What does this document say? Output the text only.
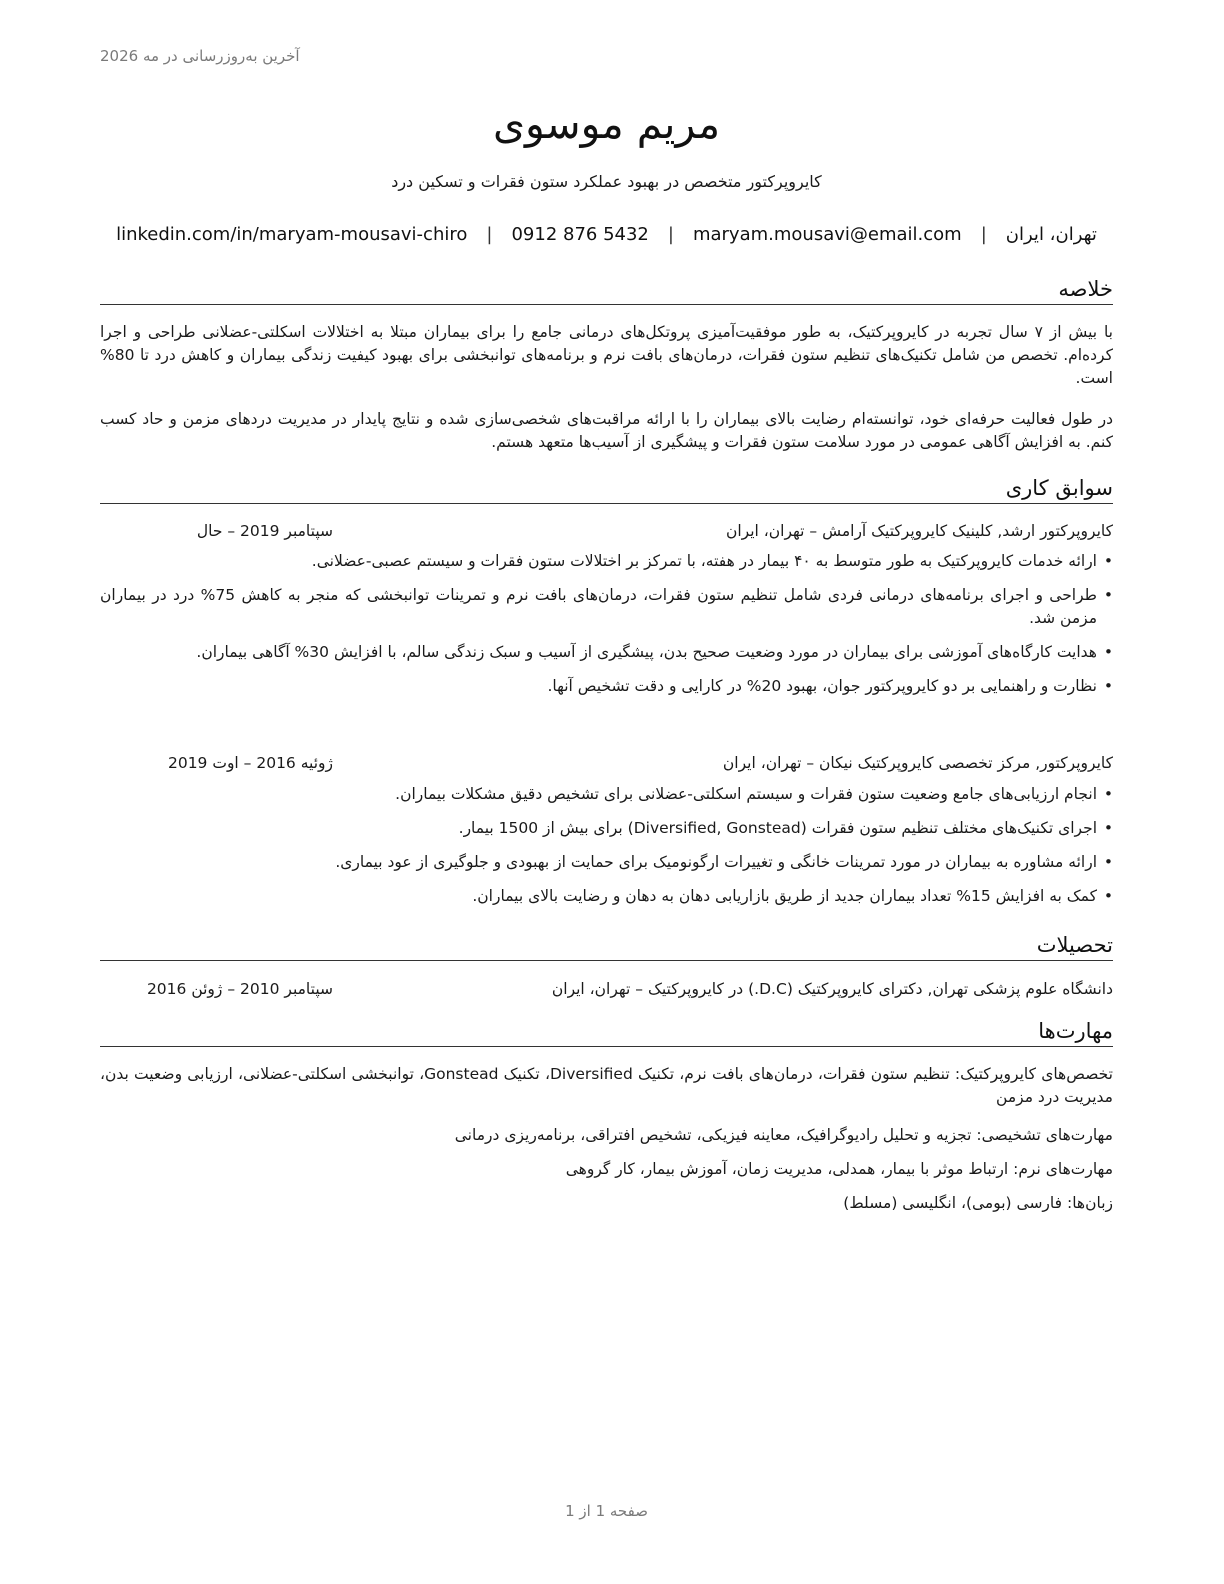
آخرین به‌روزرسانی در مه 2026
مریم موسوی
کایروپرکتور متخصص در بهبود عملکرد ستون فقرات و تسکین درد
تهران، ایران
|
maryam.mousavi@email.com
|
0912 876 5432
|
linkedin.com/in/maryam-mousavi-chiro
خلاصه
با بیش از ۷ سال تجربه در کایروپرکتیک، به طور موفقیت‌آمیزی پروتکل‌های درمانی جامع را برای بیماران مبتلا به اختلالات اسکلتی-عضلانی طراحی و اجرا کرده‌ام. تخصص من شامل تکنیک‌های تنظیم ستون فقرات، درمان‌های بافت نرم و برنامه‌های توانبخشی برای بهبود کیفیت زندگی بیماران و کاهش درد تا 80% است.
در طول فعالیت حرفه‌ای خود، توانسته‌ام رضایت بالای بیماران را با ارائه مراقبت‌های شخصی‌سازی شده و نتایج پایدار در مدیریت دردهای مزمن و حاد کسب کنم. به افزایش آگاهی عمومی در مورد سلامت ستون فقرات و پیشگیری از آسیب‌ها متعهد هستم.
سوابق کاری
کایروپرکتور ارشد, کلینیک کایروپرکتیک آرامش – تهران، ایران
سپتامبر 2019 – حال
• ارائه خدمات کایروپرکتیک به طور متوسط به ۴۰ بیمار در هفته، با تمرکز بر اختلالات ستون فقرات و سیستم عصبی-عضلانی.
• طراحی و اجرای برنامه‌های درمانی فردی شامل تنظیم ستون فقرات، درمان‌های بافت نرم و تمرینات توانبخشی که منجر به کاهش 75% درد در بیماران مزمن شد.
• هدایت کارگاه‌های آموزشی برای بیماران در مورد وضعیت صحیح بدن، پیشگیری از آسیب و سبک زندگی سالم، با افزایش 30% آگاهی بیماران.
• نظارت و راهنمایی بر دو کایروپرکتور جوان، بهبود 20% در کارایی و دقت تشخیص آنها.
کایروپرکتور, مرکز تخصصی کایروپرکتیک نیکان – تهران، ایران
ژوئیه 2016 – اوت 2019
• انجام ارزیابی‌های جامع وضعیت ستون فقرات و سیستم اسکلتی-عضلانی برای تشخیص دقیق مشکلات بیماران.
• اجرای تکنیک‌های مختلف تنظیم ستون فقرات (Diversified, Gonstead) برای بیش از 1500 بیمار.
• ارائه مشاوره به بیماران در مورد تمرینات خانگی و تغییرات ارگونومیک برای حمایت از بهبودی و جلوگیری از عود بیماری.
• کمک به افزایش 15% تعداد بیماران جدید از طریق بازاریابی دهان به دهان و رضایت بالای بیماران.
تحصیلات
دانشگاه علوم پزشکی تهران, دکترای کایروپرکتیک (D.C.) در کایروپرکتیک – تهران، ایران
سپتامبر 2010 – ژوئن 2016
مهارت‌ها
تخصص‌های کایروپرکتیک: تنظیم ستون فقرات، درمان‌های بافت نرم، تکنیک Diversified، تکنیک Gonstead، توانبخشی اسکلتی-عضلانی، ارزیابی وضعیت بدن، مدیریت درد مزمن
مهارت‌های تشخیصی: تجزیه و تحلیل رادیوگرافیک، معاینه فیزیکی، تشخیص افتراقی، برنامه‌ریزی درمانی
مهارت‌های نرم: ارتباط موثر با بیمار، همدلی، مدیریت زمان، آموزش بیمار، کار گروهی
زبان‌ها: فارسی (بومی)، انگلیسی (مسلط)
صفحه 1 از 1
